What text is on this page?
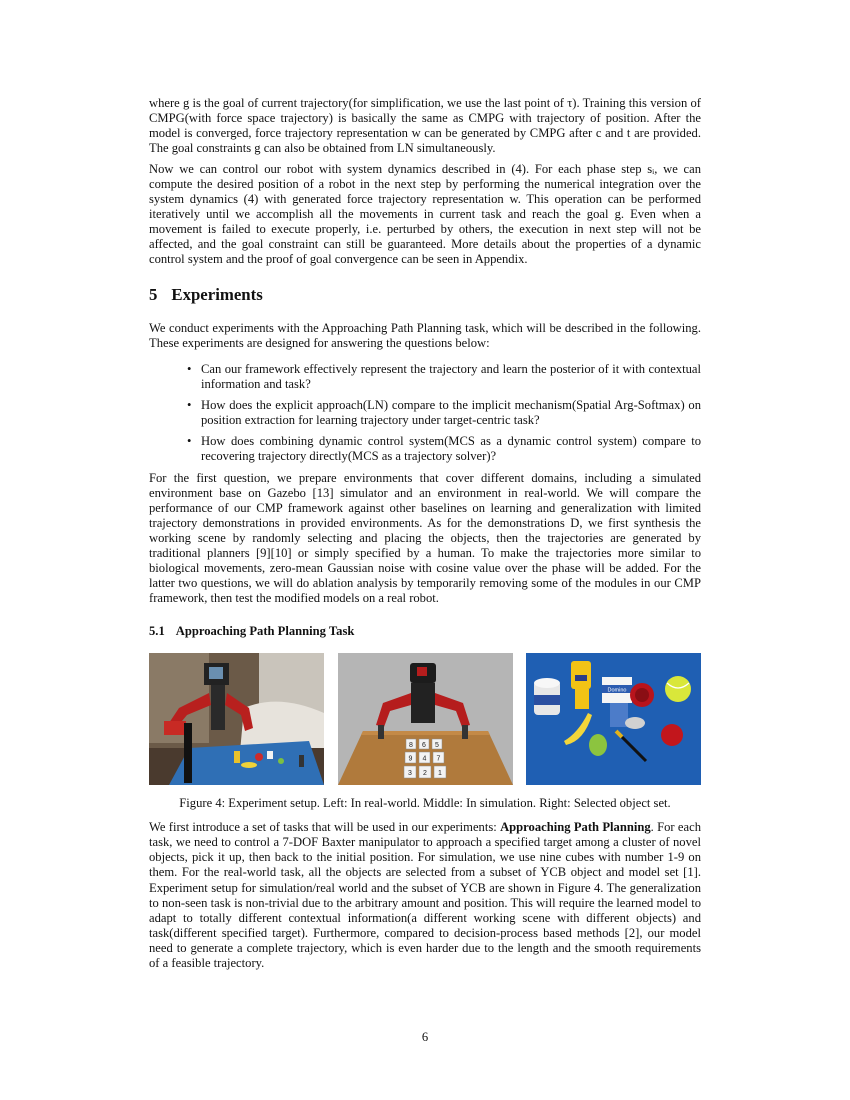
where g is the goal of current trajectory(for simplification, we use the last point of τ). Training this version of CMPG(with force space trajectory) is basically the same as CMPG with trajectory of position. After the model is converged, force trajectory representation w can be generated by CMPG after c and t are provided. The goal constraints g can also be obtained from LN simultaneously.

Now we can control our robot with system dynamics described in (4). For each phase step sᵢ, we can compute the desired position of a robot in the next step by performing the numerical integration over the system dynamics (4) with generated force trajectory representation w. This operation can be performed iteratively until we accomplish all the movements in current task and reach the goal g. Even when a movement is failed to execute properly, i.e. perturbed by others, the execution in next step will not be affected, and the goal constraint can still be guaranteed. More details about the properties of a dynamic control system and the proof of goal convergence can be seen in Appendix.

5 Experiments

We conduct experiments with the Approaching Path Planning task, which will be described in the following. These experiments are designed for answering the questions below:

• Can our framework effectively represent the trajectory and learn the posterior of it with contextual information and task?
• How does the explicit approach(LN) compare to the implicit mechanism(Spatial Arg-Softmax) on position extraction for learning trajectory under target-centric task?
• How does combining dynamic control system(MCS as a dynamic control system) compare to recovering trajectory directly(MCS as a trajectory solver)?

For the first question, we prepare environments that cover different domains, including a simulated environment base on Gazebo [13] simulator and an environment in real-world. We will compare the performance of our CMP framework against other baselines on learning and generalization with limited trajectory demonstrations in provided environments. As for the demonstrations D, we first synthesis the working scene by randomly selecting and placing the objects, then the trajectories are generated by traditional planners [9][10] or simply specified by a human. To make the trajectories more similar to biological movements, zero-mean Gaussian noise with cosine value over the phase will be added. For the latter two questions, we will do ablation analysis by temporarily removing some of the modules in our CMP framework, then test the modified models on a real robot.

5.1 Approaching Path Planning Task
8 6 5
9 4 7
3 2 1
Domino
Figure 4: Experiment setup. Left: In real-world. Middle: In simulation. Right: Selected object set.

We first introduce a set of tasks that will be used in our experiments: Approaching Path Planning. For each task, we need to control a 7-DOF Baxter manipulator to approach a specified target among a cluster of novel objects, pick it up, then back to the initial position. For simulation, we use nine cubes with number 1-9 on them. For the real-world task, all the objects are selected from a subset of YCB object and model set [1]. Experiment setup for simulation/real world and the subset of YCB are shown in Figure 4. The generalization to non-seen task is non-trivial due to the arbitrary amount and position. This will require the learned model to adapt to totally different contextual information(a different working scene with different objects) and task(different specified target). Furthermore, compared to decision-process based methods [2], our model need to generate a complete trajectory, which is even harder due to the length and the smooth requirements of a feasible trajectory.

6
